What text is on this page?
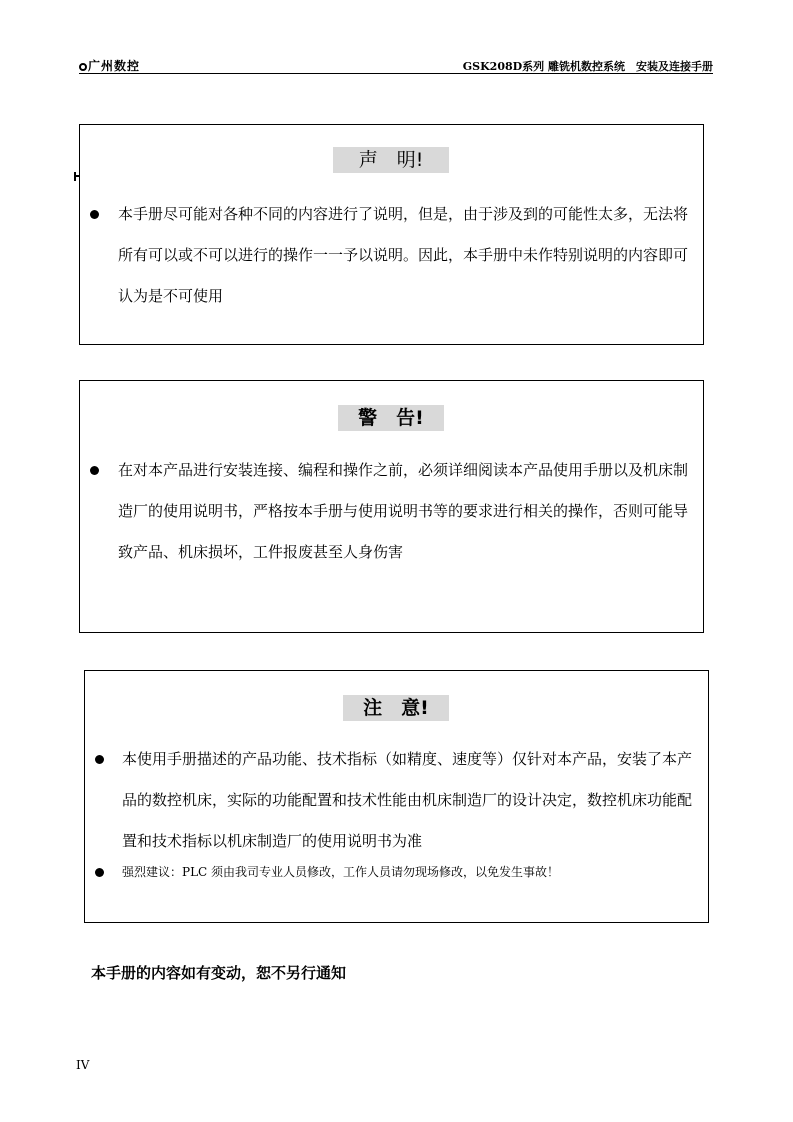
广州数控	GSK208D系列 雕铣机数控系统　安装及连接手册
声　明!
本手册尽可能对各种不同的内容进行了说明，但是，由于涉及到的可能性太多，无法将所有可以或不可以进行的操作一一予以说明。因此，本手册中未作特别说明的内容即可认为是不可使用
警　告!
在对本产品进行安装连接、编程和操作之前，必须详细阅读本产品使用手册以及机床制造厂的使用说明书，严格按本手册与使用说明书等的要求进行相关的操作，否则可能导致产品、机床损坏，工件报废甚至人身伤害
注　意!
本使用手册描述的产品功能、技术指标（如精度、速度等）仅针对本产品，安装了本产品的数控机床，实际的功能配置和技术性能由机床制造厂的设计决定，数控机床功能配置和技术指标以机床制造厂的使用说明书为准
强烈建议：PLC 须由我司专业人员修改，工作人员请勿现场修改，以免发生事故！
本手册的内容如有变动，恕不另行通知
IV
